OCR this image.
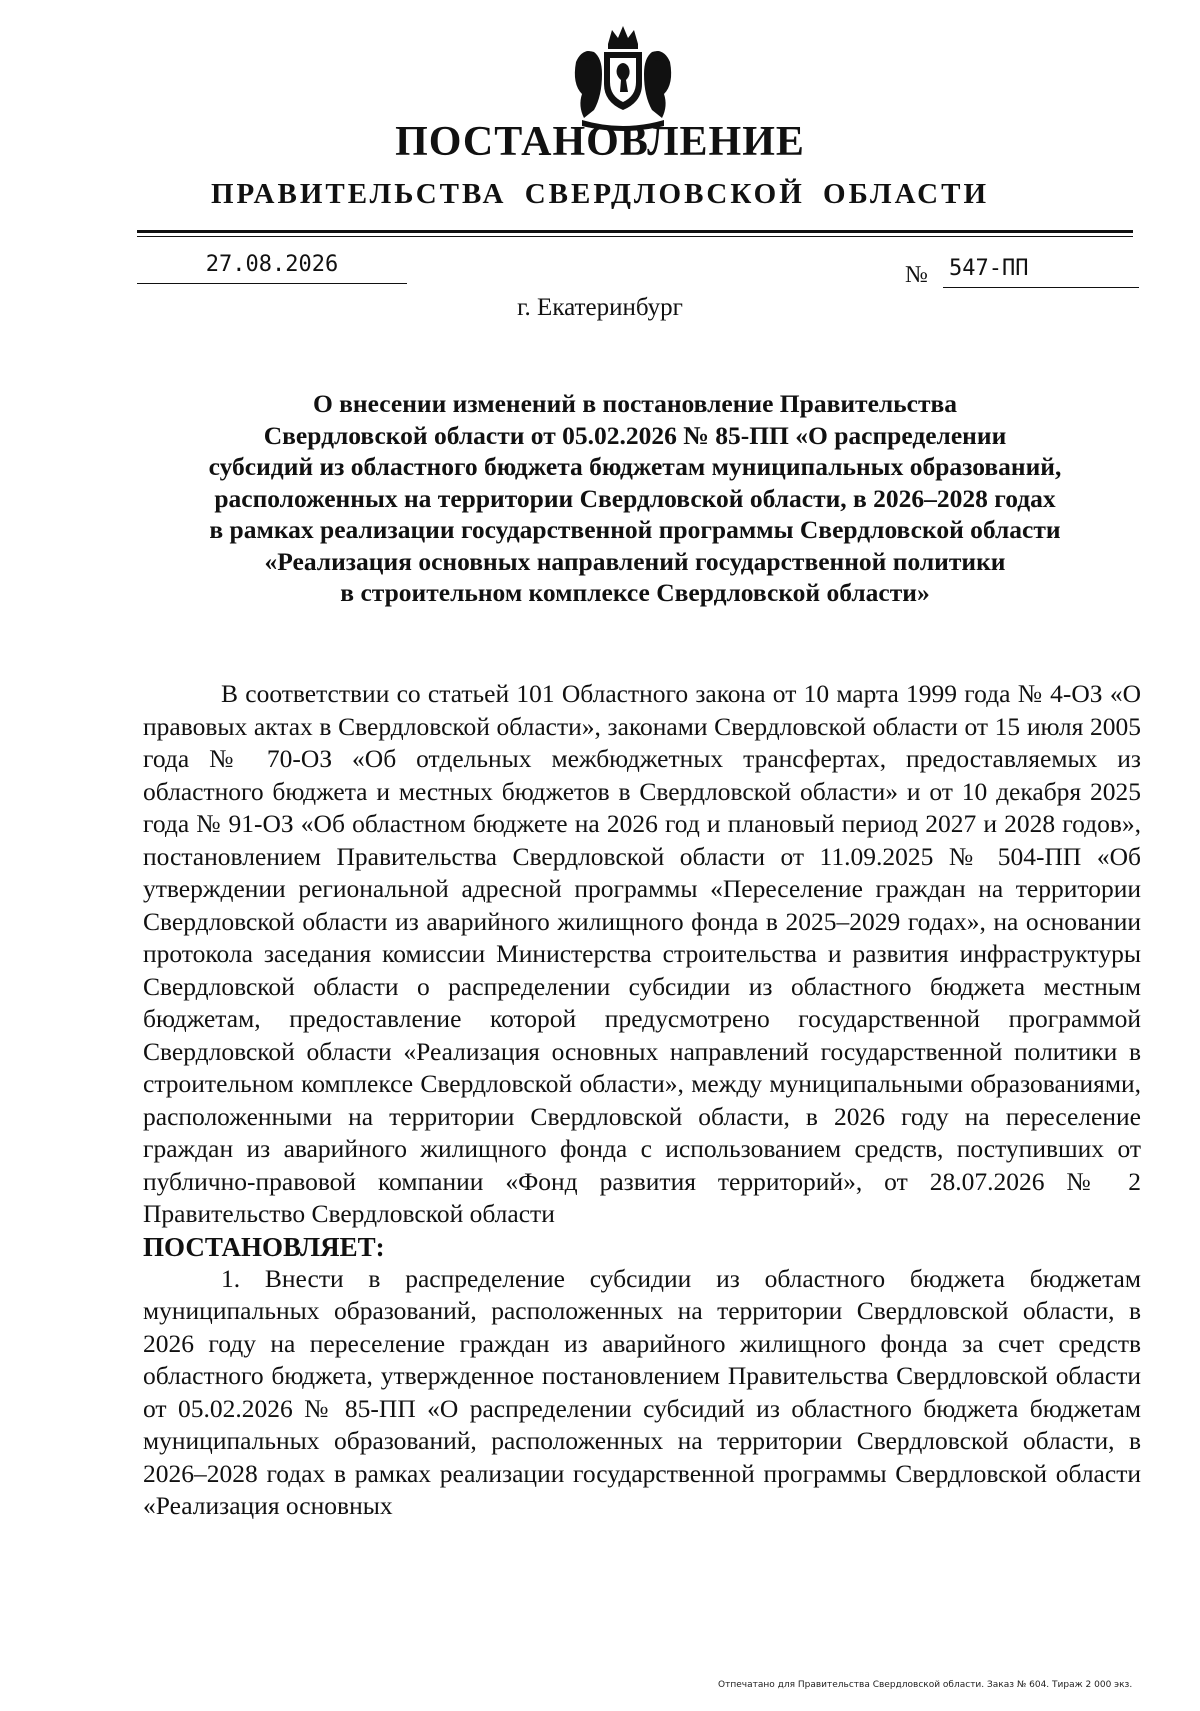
ПОСТАНОВЛЕНИЕ
ПРАВИТЕЛЬСТВА СВЕРДЛОВСКОЙ ОБЛАСТИ
27.08.2026	№ 547-ПП
г. Екатеринбург
О внесении изменений в постановление Правительства
Свердловской области от 05.02.2026 № 85-ПП «О распределении
субсидий из областного бюджета бюджетам муниципальных образований,
расположенных на территории Свердловской области, в 2026–2028 годах
в рамках реализации государственной программы Свердловской области
«Реализация основных направлений государственной политики
в строительном комплексе Свердловской области»

В соответствии со статьей 101 Областного закона от 10 марта 1999 года № 4-ОЗ «О правовых актах в Свердловской области», законами Свердловской области от 15 июля 2005 года № 70-ОЗ «Об отдельных межбюджетных трансфертах, предоставляемых из областного бюджета и местных бюджетов в Свердловской области» и от 10 декабря 2025 года № 91-ОЗ «Об областном бюджете на 2026 год и плановый период 2027 и 2028 годов», постановлением Правительства Свердловской области от 11.09.2025 № 504-ПП «Об утверждении региональной адресной программы «Переселение граждан на территории Свердловской области из аварийного жилищного фонда в 2025–2029 годах», на основании протокола заседания комиссии Министерства строительства и развития инфраструктуры Свердловской области о распределении субсидии из областного бюджета местным бюджетам, предоставление которой предусмотрено государственной программой Свердловской области «Реализация основных направлений государственной политики в строительном комплексе Свердловской области», между муниципальными образованиями, расположенными на территории Свердловской области, в 2026 году на переселение граждан из аварийного жилищного фонда с использованием средств, поступивших от публично-правовой компании «Фонд развития территорий», от 28.07.2026 № 2 Правительство Свердловской области

ПОСТАНОВЛЯЕТ:

1. Внести в распределение субсидии из областного бюджета бюджетам муниципальных образований, расположенных на территории Свердловской области, в 2026 году на переселение граждан из аварийного жилищного фонда за счет средств областного бюджета, утвержденное постановлением Правительства Свердловской области от 05.02.2026 № 85-ПП «О распределении субсидий из областного бюджета бюджетам муниципальных образований, расположенных на территории Свердловской области, в 2026–2028 годах в рамках реализации государственной программы Свердловской области «Реализация основных

Отпечатано для Правительства Свердловской области. Заказ № 604. Тираж 2 000 экз.
